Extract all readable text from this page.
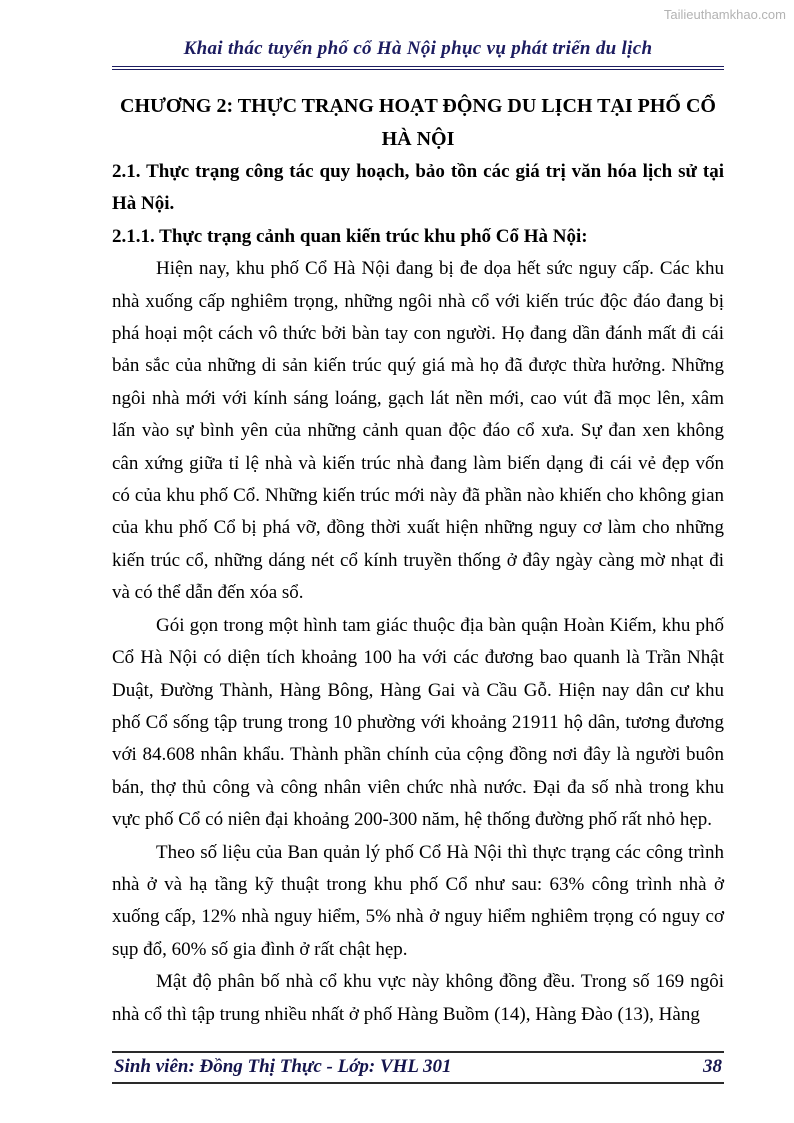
Tailieuthamkhao.com
Khai thác tuyến phố cổ Hà Nội phục vụ phát triển du lịch
CHƯƠNG 2: THỰC TRẠNG HOẠT ĐỘNG DU LỊCH TẠI PHỐ CỔ
HÀ NỘI

2.1. Thực trạng công tác quy hoạch, bảo tồn các giá trị văn hóa lịch sử tại Hà Nội.

2.1.1. Thực trạng cảnh quan kiến trúc khu phố Cổ Hà Nội:

Hiện nay, khu phố Cổ Hà Nội đang bị đe dọa hết sức nguy cấp. Các khu nhà xuống cấp nghiêm trọng, những ngôi nhà cổ với kiến trúc độc đáo đang bị phá hoại một cách vô thức bởi bàn tay con người. Họ đang dần đánh mất đi cái bản sắc của những di sản kiến trúc quý giá mà họ đã được thừa hưởng. Những ngôi nhà mới với kính sáng loáng, gạch lát nền mới, cao vút đã mọc lên, xâm lấn vào sự bình yên của những cảnh quan độc đáo cổ xưa. Sự đan xen không cân xứng giữa tỉ lệ nhà và kiến trúc nhà đang làm biến dạng đi cái vẻ đẹp vốn có của khu phố Cổ. Những kiến trúc mới này đã phần nào khiến cho không gian của khu phố Cổ bị phá vỡ, đồng thời xuất hiện những nguy cơ làm cho những kiến trúc cổ, những dáng nét cổ kính truyền thống ở đây ngày càng mờ nhạt đi và có thể dẫn đến xóa sổ.

Gói gọn trong một hình tam giác thuộc địa bàn quận Hoàn Kiếm, khu phố Cổ Hà Nội có diện tích khoảng 100 ha với các đương bao quanh là Trần Nhật Duật, Đường Thành, Hàng Bông, Hàng Gai và Cầu Gỗ. Hiện nay dân cư khu phố Cổ sống tập trung trong 10 phường với khoảng 21911 hộ dân, tương đương với 84.608 nhân khẩu. Thành phần chính của cộng đồng nơi đây là người buôn bán, thợ thủ công và công nhân viên chức nhà nước. Đại đa số nhà trong khu vực phố Cổ có niên đại khoảng 200-300 năm, hệ thống đường phố rất nhỏ hẹp.

Theo số liệu của Ban quản lý phố Cổ Hà Nội thì thực trạng các công trình nhà ở và hạ tầng kỹ thuật trong khu phố Cổ như sau: 63% công trình nhà ở xuống cấp, 12% nhà nguy hiểm, 5% nhà ở nguy hiểm nghiêm trọng có nguy cơ sụp đổ, 60% số gia đình ở rất chật hẹp.

Mật độ phân bố nhà cổ khu vực này không đồng đều. Trong số 169 ngôi nhà cổ thì tập trung nhiều nhất ở phố Hàng Buồm (14), Hàng Đào (13), Hàng

Sinh viên: Đồng Thị Thực - Lớp: VHL 301	38
